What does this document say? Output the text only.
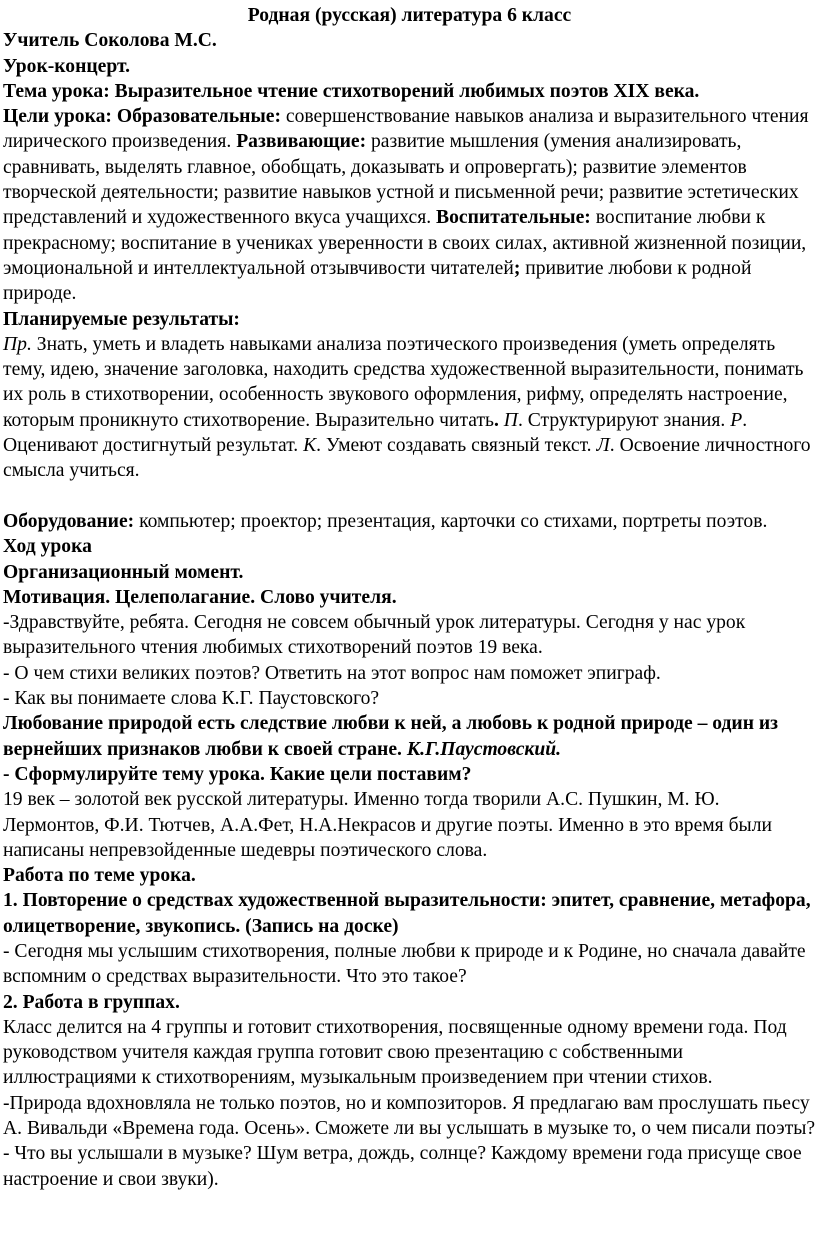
Родная (русская) литература 6 класс

Учитель Соколова М.С.

Урок-концерт.

Тема урока: Выразительное чтение стихотворений любимых поэтов XIX века.

Цели урока: Образовательные: совершенствование навыков анализа и выразительного чтения лирического произведения. Развивающие: развитие мышления (умения анализировать, сравнивать, выделять главное, обобщать, доказывать и опровергать); развитие элементов творческой деятельности; развитие навыков устной и письменной речи; развитие эстетических представлений и художественного вкуса учащихся. Воспитательные: воспитание любви к прекрасному; воспитание в учениках уверенности в своих силах, активной жизненной позиции, эмоциональной и интеллектуальной отзывчивости читателей; привитие любови к родной природе.

Планируемые результаты:

Пр. Знать, уметь и владеть навыками анализа поэтического произведения (уметь определять тему, идею, значение заголовка, находить средства художественной выразительности, понимать их роль в стихотворении, особенность звукового оформления, рифму, определять настроение, которым проникнуто стихотворение. Выразительно читать. П. Структурируют знания. Р. Оценивают достигнутый результат. К. Умеют создавать связный текст. Л. Освоение личностного смысла учиться.

Оборудование: компьютер; проектор; презентация, карточки со стихами, портреты поэтов.

Ход урока

Организационный момент.

Мотивация. Целеполагание. Слово учителя.

-Здравствуйте, ребята. Сегодня не совсем обычный урок литературы. Сегодня у нас урок выразительного чтения любимых стихотворений поэтов 19 века.

- О чем стихи великих поэтов? Ответить на этот вопрос нам поможет эпиграф.

- Как вы понимаете слова К.Г. Паустовского?

Любование природой есть следствие любви к ней, а любовь к родной природе – один из вернейших признаков любви к своей стране. К.Г.Паустовский.

- Сформулируйте тему урока. Какие цели поставим?

19 век – золотой век русской литературы. Именно тогда творили А.С. Пушкин, М. Ю. Лермонтов, Ф.И. Тютчев, А.А.Фет, Н.А.Некрасов и другие поэты. Именно в это время были написаны непревзойденные шедевры поэтического слова.

Работа по теме урока.

1. Повторение о средствах художественной выразительности: эпитет, сравнение, метафора, олицетворение, звукопись. (Запись на доске)

- Сегодня мы услышим стихотворения, полные любви к природе и к Родине, но сначала давайте вспомним о средствах выразительности. Что это такое?

2. Работа в группах.

Класс делится на 4 группы и готовит стихотворения, посвященные одному времени года. Под руководством учителя каждая группа готовит свою презентацию с собственными иллюстрациями к стихотворениям, музыкальным произведением при чтении стихов.

-Природа вдохновляла не только поэтов, но и композиторов. Я предлагаю вам прослушать пьесу А. Вивальди «Времена года. Осень». Сможете ли вы услышать в музыке то, о чем писали поэты?

- Что вы услышали в музыке? Шум ветра, дождь, солнце? Каждому времени года присуще свое настроение и свои звуки).
